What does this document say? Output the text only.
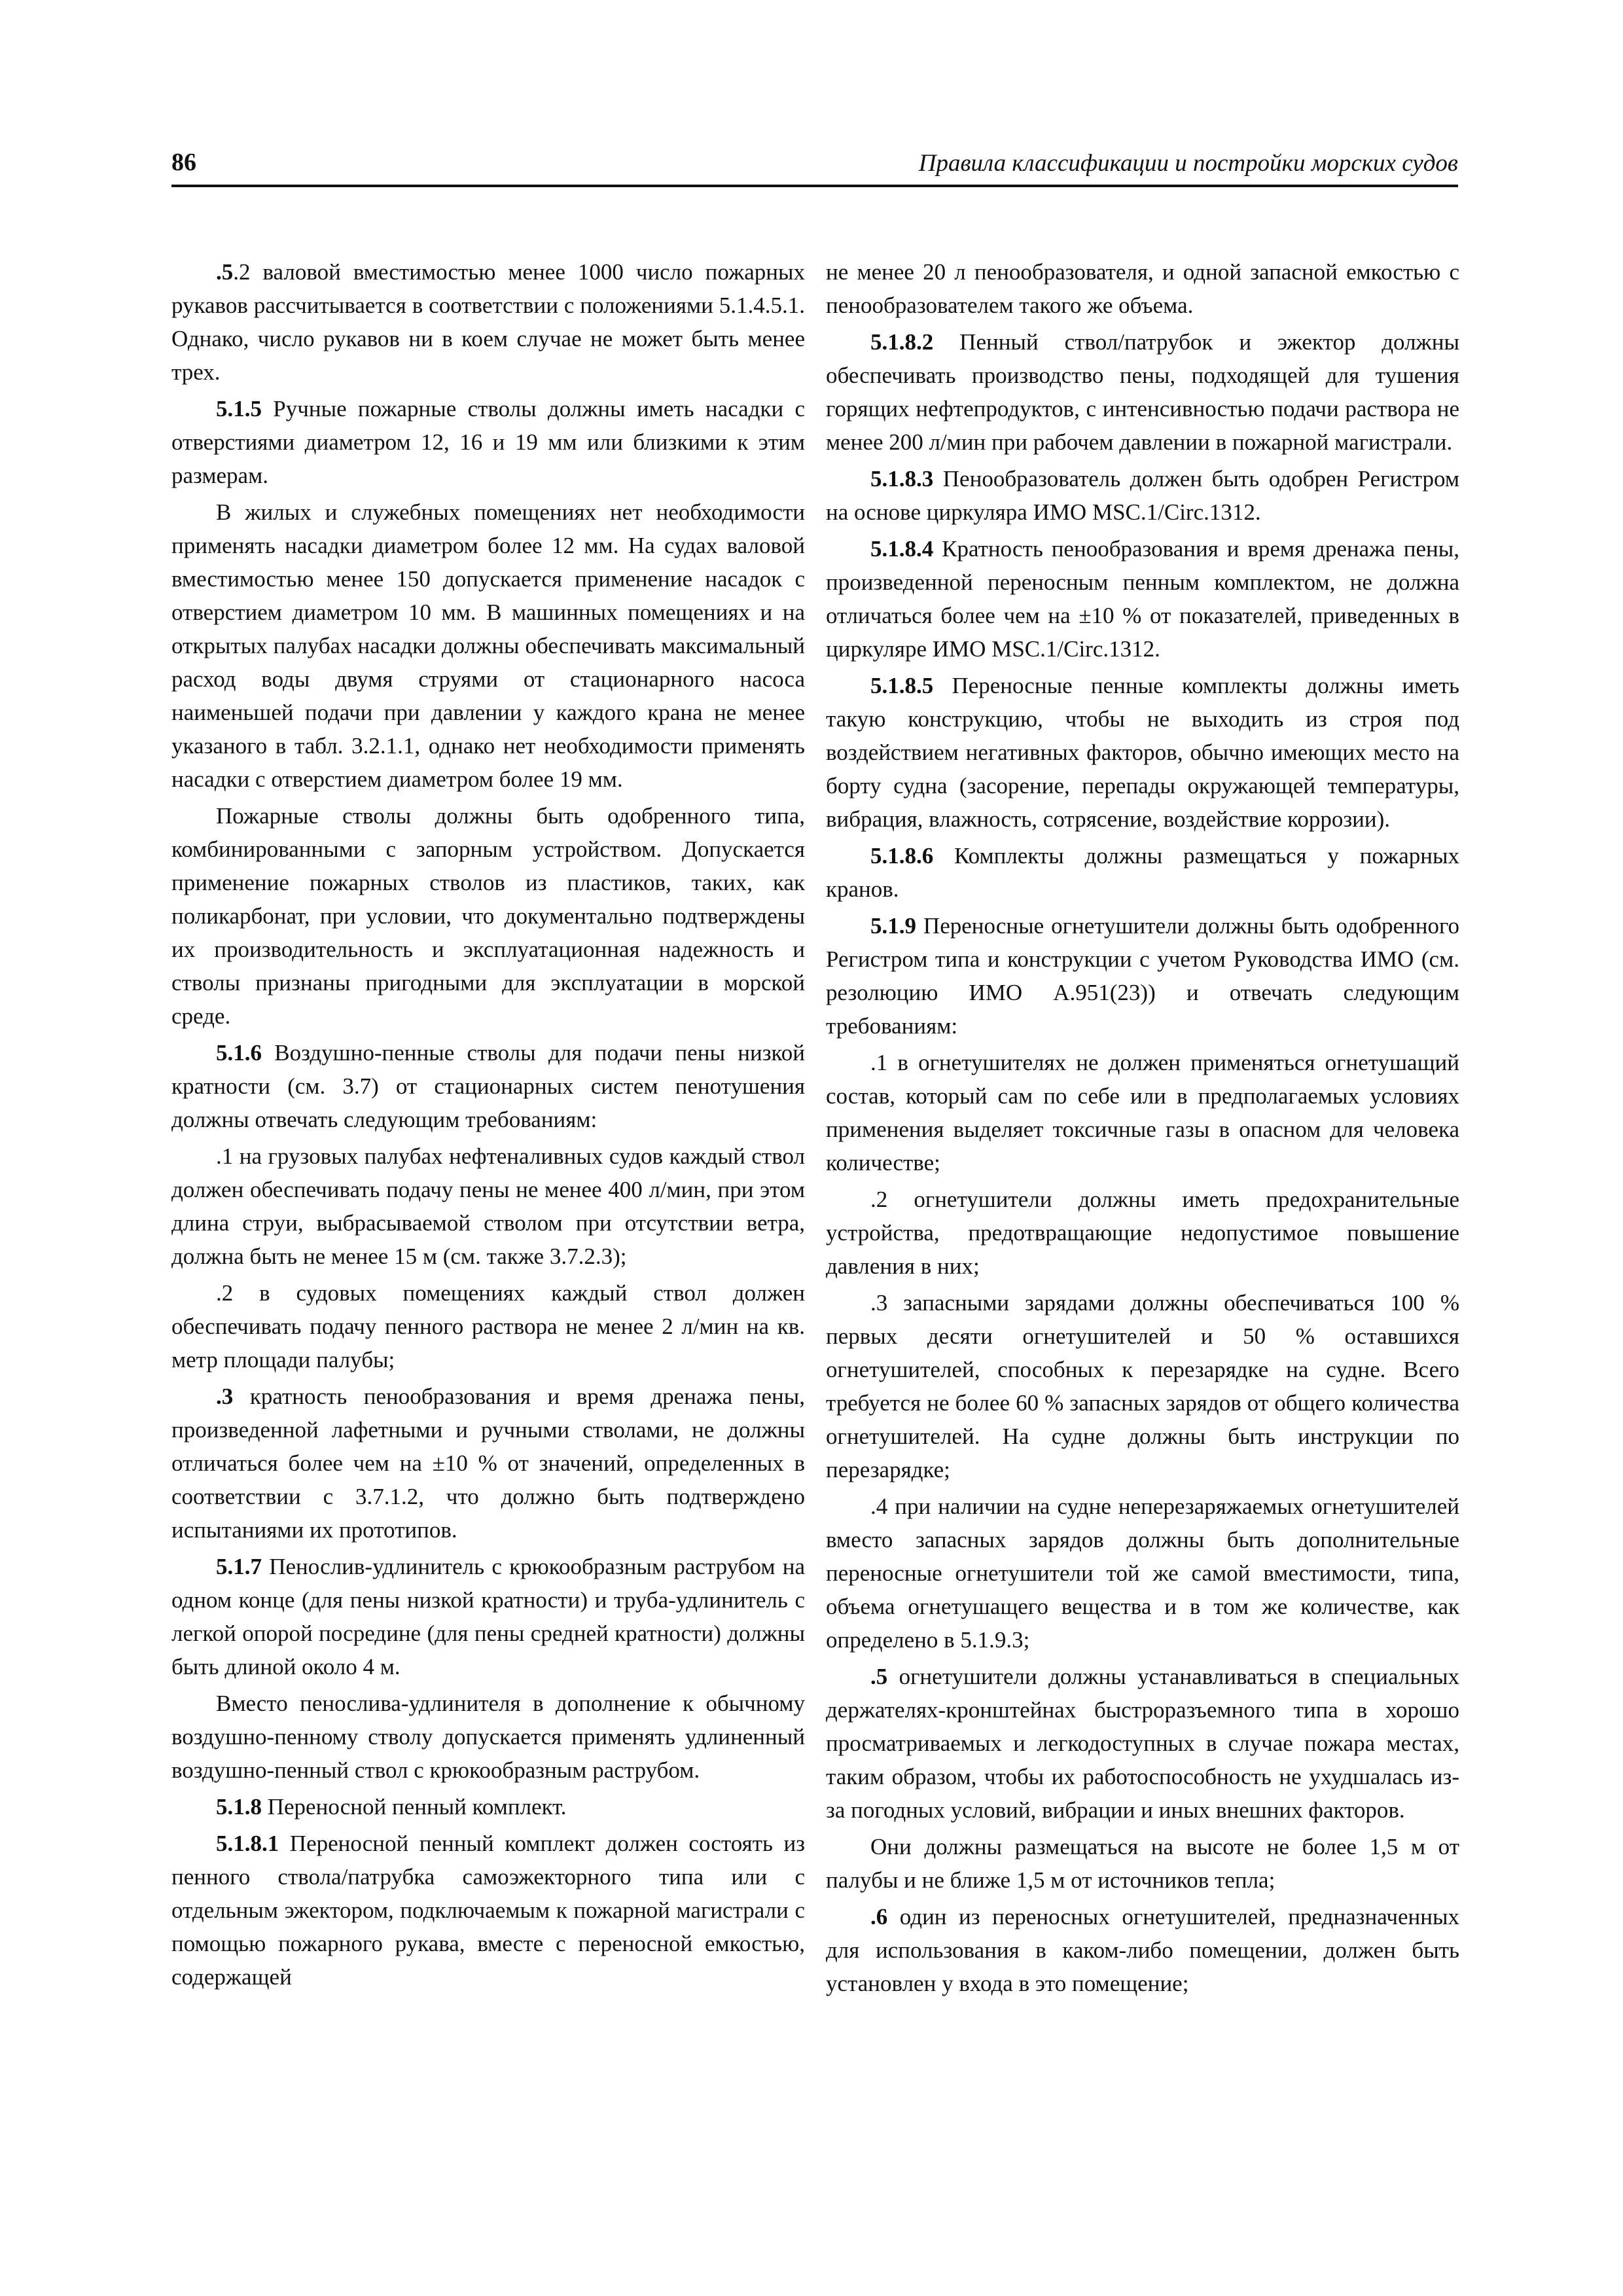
86	Правила классификации и постройки морских судов

.5.2 валовой вместимостью менее 1000 число пожарных рукавов рассчитывается в соответствии с положениями 5.1.4.5.1. Однако, число рукавов ни в коем случае не может быть менее трех.

5.1.5 Ручные пожарные стволы должны иметь насадки с отверстиями диаметром 12, 16 и 19 мм или близкими к этим размерам.

В жилых и служебных помещениях нет необходимости применять насадки диаметром более 12 мм. На судах валовой вместимостью менее 150 допускается применение насадок с отверстием диаметром 10 мм. В машинных помещениях и на открытых палубах насадки должны обеспечивать максимальный расход воды двумя струями от стационарного насоса наименьшей подачи при давлении у каждого крана не менее указаного в табл. 3.2.1.1, однако нет необходимости применять насадки с отверстием диаметром более 19 мм.

Пожарные стволы должны быть одобренного типа, комбинированными с запорным устройством. Допускается применение пожарных стволов из пластиков, таких, как поликарбонат, при условии, что документально подтверждены их производительность и эксплуатационная надежность и стволы признаны пригодными для эксплуатации в морской среде.

5.1.6 Воздушно-пенные стволы для подачи пены низкой кратности (см. 3.7) от стационарных систем пенотушения должны отвечать следующим требованиям:

.1 на грузовых палубах нефтеналивных судов каждый ствол должен обеспечивать подачу пены не менее 400 л/мин, при этом длина струи, выбрасываемой стволом при отсутствии ветра, должна быть не менее 15 м (см. также 3.7.2.3);

.2 в судовых помещениях каждый ствол должен обеспечивать подачу пенного раствора не менее 2 л/мин на кв. метр площади палубы;

.3 кратность пенообразования и время дренажа пены, произведенной лафетными и ручными стволами, не должны отличаться более чем на ±10 % от значений, определенных в соответствии с 3.7.1.2, что должно быть подтверждено испытаниями их прототипов.

5.1.7 Пенослив-удлинитель с крюкообразным раструбом на одном конце (для пены низкой кратности) и труба-удлинитель с легкой опорой посредине (для пены средней кратности) должны быть длиной около 4 м.

Вместо пенослива-удлинителя в дополнение к обычному воздушно-пенному стволу допускается применять удлиненный воздушно-пенный ствол с крюкообразным раструбом.

5.1.8 Переносной пенный комплект.

5.1.8.1 Переносной пенный комплект должен состоять из пенного ствола/патрубка самоэжекторного типа или с отдельным эжектором, подключаемым к пожарной магистрали с помощью пожарного рукава, вместе с переносной емкостью, содержащей

не менее 20 л пенообразователя, и одной запасной емкостью с пенообразователем такого же объема.

5.1.8.2 Пенный ствол/патрубок и эжектор должны обеспечивать производство пены, подходящей для тушения горящих нефтепродуктов, с интенсивностью подачи раствора не менее 200 л/мин при рабочем давлении в пожарной магистрали.

5.1.8.3 Пенообразователь должен быть одобрен Регистром на основе циркуляра ИМО MSC.1/Circ.1312.

5.1.8.4 Кратность пенообразования и время дренажа пены, произведенной переносным пенным комплектом, не должна отличаться более чем на ±10 % от показателей, приведенных в циркуляре ИМО MSC.1/Circ.1312.

5.1.8.5 Переносные пенные комплекты должны иметь такую конструкцию, чтобы не выходить из строя под воздействием негативных факторов, обычно имеющих место на борту судна (засорение, перепады окружающей температуры, вибрация, влажность, сотрясение, воздействие коррозии).

5.1.8.6 Комплекты должны размещаться у пожарных кранов.

5.1.9 Переносные огнетушители должны быть одобренного Регистром типа и конструкции с учетом Руководства ИМО (см. резолюцию ИМО А.951(23)) и отвечать следующим требованиям:

.1 в огнетушителях не должен применяться огнетушащий состав, который сам по себе или в предполагаемых условиях применения выделяет токсичные газы в опасном для человека количестве;

.2 огнетушители должны иметь предохранительные устройства, предотвращающие недопустимое повышение давления в них;

.3 запасными зарядами должны обеспечиваться 100 % первых десяти огнетушителей и 50 % оставшихся огнетушителей, способных к перезарядке на судне. Всего требуется не более 60 % запасных зарядов от общего количества огнетушителей. На судне должны быть инструкции по перезарядке;

.4 при наличии на судне неперезаряжаемых огнетушителей вместо запасных зарядов должны быть дополнительные переносные огнетушители той же самой вместимости, типа, объема огнетушащего вещества и в том же количестве, как определено в 5.1.9.3;

.5 огнетушители должны устанавливаться в специальных держателях-кронштейнах быстроразъемного типа в хорошо просматриваемых и легкодоступных в случае пожара местах, таким образом, чтобы их работоспособность не ухудшалась из-за погодных условий, вибрации и иных внешних факторов.

Они должны размещаться на высоте не более 1,5 м от палубы и не ближе 1,5 м от источников тепла;

.6 один из переносных огнетушителей, предназначенных для использования в каком-либо помещении, должен быть установлен у входа в это помещение;
